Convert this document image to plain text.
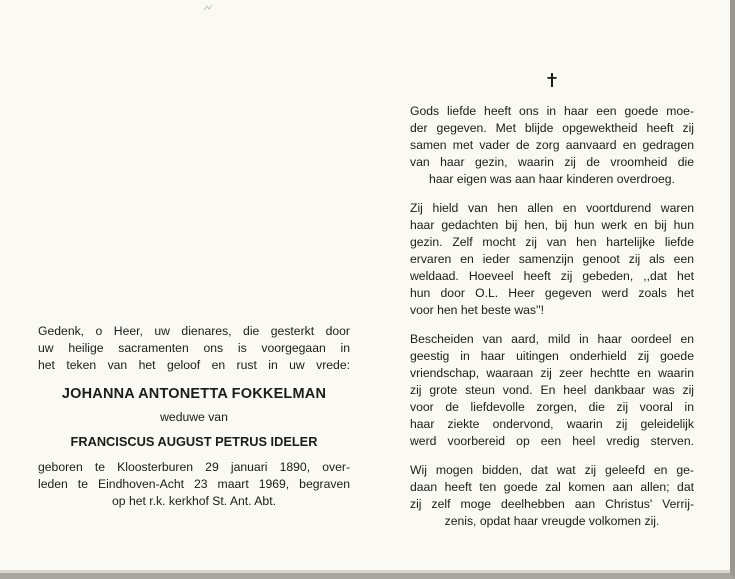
Gedenk, o Heer, uw dienares, die gesterkt door
uw heilige sacramenten ons is voorgegaan in
het teken van het geloof en rust in uw vrede:
JOHANNA ANTONETTA FOKKELMAN
weduwe van
FRANCISCUS AUGUST PETRUS IDELER
geboren te Kloosterburen 29 januari 1890, over-
leden te Eindhoven-Acht 23 maart 1969, begraven
op het r.k. kerkhof St. Ant. Abt.

Gods liefde heeft ons in haar een goede moe-
der gegeven. Met blijde opgewektheid heeft zij
samen met vader de zorg aanvaard en gedragen
van haar gezin, waarin zij de vroomheid die
haar eigen was aan haar kinderen overdroeg.

Zij hield van hen allen en voortdurend waren
haar gedachten bij hen, bij hun werk en bij hun
gezin. Zelf mocht zij van hen hartelijke liefde
ervaren en ieder samenzijn genoot zij als een
weldaad. Hoeveel heeft zij gebeden, ,,dat het
hun door O.L. Heer gegeven werd zoals het
voor hen het beste was''!

Bescheiden van aard, mild in haar oordeel en
geestig in haar uitingen onderhield zij goede
vriendschap, waaraan zij zeer hechtte en waarin
zij grote steun vond. En heel dankbaar was zij
voor de liefdevolle zorgen, die zij vooral in
haar ziekte ondervond, waarin zij geleidelijk
werd voorbereid op een heel vredig sterven.

Wij mogen bidden, dat wat zij geleefd en ge-
daan heeft ten goede zal komen aan allen; dat
zij zelf moge deelhebben aan Christus' Verrij-
zenis, opdat haar vreugde volkomen zij.
